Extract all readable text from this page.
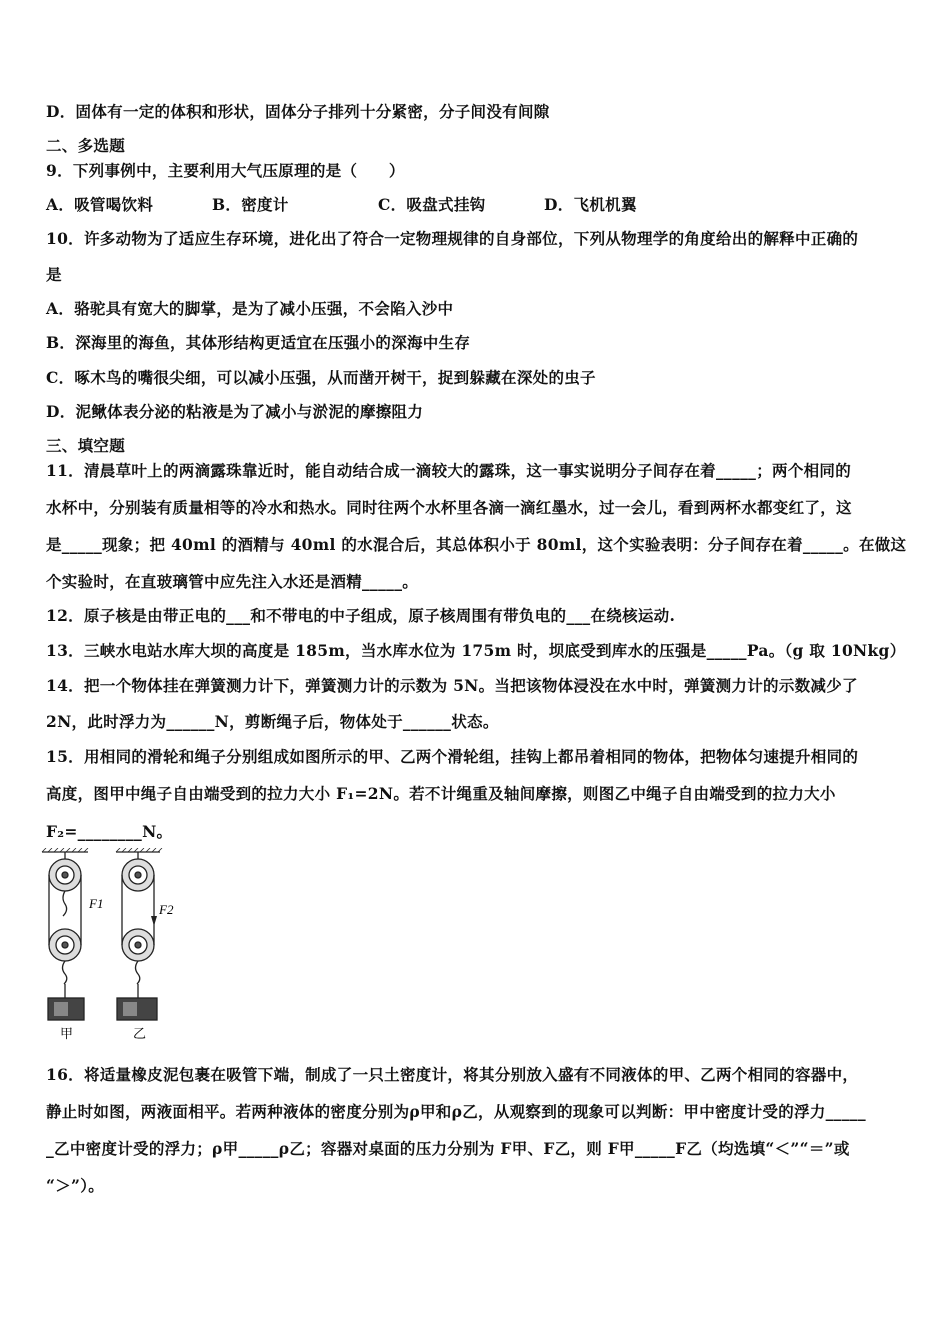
D．固体有一定的体积和形状，固体分子排列十分紧密，分子间没有间隙
二、多选题
9．下列事例中，主要利用大气压原理的是（　　）
A．吸管喝饮料	B．密度计	C．吸盘式挂钩	D．飞机机翼
10．许多动物为了适应生存环境，进化出了符合一定物理规律的自身部位，下列从物理学的角度给出的解释中正确的
是
A．骆驼具有宽大的脚掌，是为了减小压强，不会陷入沙中
B．深海里的海鱼，其体形结构更适宜在压强小的深海中生存
C．啄木鸟的嘴很尖细，可以减小压强，从而凿开树干，捉到躲藏在深处的虫子
D．泥鳅体表分泌的粘液是为了减小与淤泥的摩擦阻力
三、填空题
11．清晨草叶上的两滴露珠靠近时，能自动结合成一滴较大的露珠，这一事实说明分子间存在着_____；两个相同的
水杯中，分别装有质量相等的冷水和热水。同时往两个水杯里各滴一滴红墨水，过一会儿，看到两杯水都变红了，这
是_____现象；把 40ml 的酒精与 40ml 的水混合后，其总体积小于 80ml，这个实验表明：分子间存在着_____。在做这
个实验时，在直玻璃管中应先注入水还是酒精_____。
12．原子核是由带正电的___和不带电的中子组成，原子核周围有带负电的___在绕核运动.
13．三峡水电站水库大坝的高度是 185m，当水库水位为 175m 时，坝底受到库水的压强是_____Pa。（g 取 10Nkg）
14．把一个物体挂在弹簧测力计下，弹簧测力计的示数为 5N。当把该物体浸没在水中时，弹簧测力计的示数减少了
2N，此时浮力为______N，剪断绳子后，物体处于______状态。
15．用相同的滑轮和绳子分别组成如图所示的甲、乙两个滑轮组，挂钩上都吊着相同的物体，把物体匀速提升相同的
高度，图甲中绳子自由端受到的拉力大小 F₁=2N。若不计绳重及轴间摩擦，则图乙中绳子自由端受到的拉力大小
F₂=________N。
F1
甲
F2
乙
16．将适量橡皮泥包裹在吸管下端，制成了一只土密度计，将其分别放入盛有不同液体的甲、乙两个相同的容器中，
静止时如图，两液面相平。若两种液体的密度分别为ρ甲和ρ乙，从观察到的现象可以判断：甲中密度计受的浮力_____
_乙中密度计受的浮力；ρ甲_____ρ乙；容器对桌面的压力分别为 F甲、F乙，则 F甲_____F乙（均选填“＜”“＝”或
“＞”）。
